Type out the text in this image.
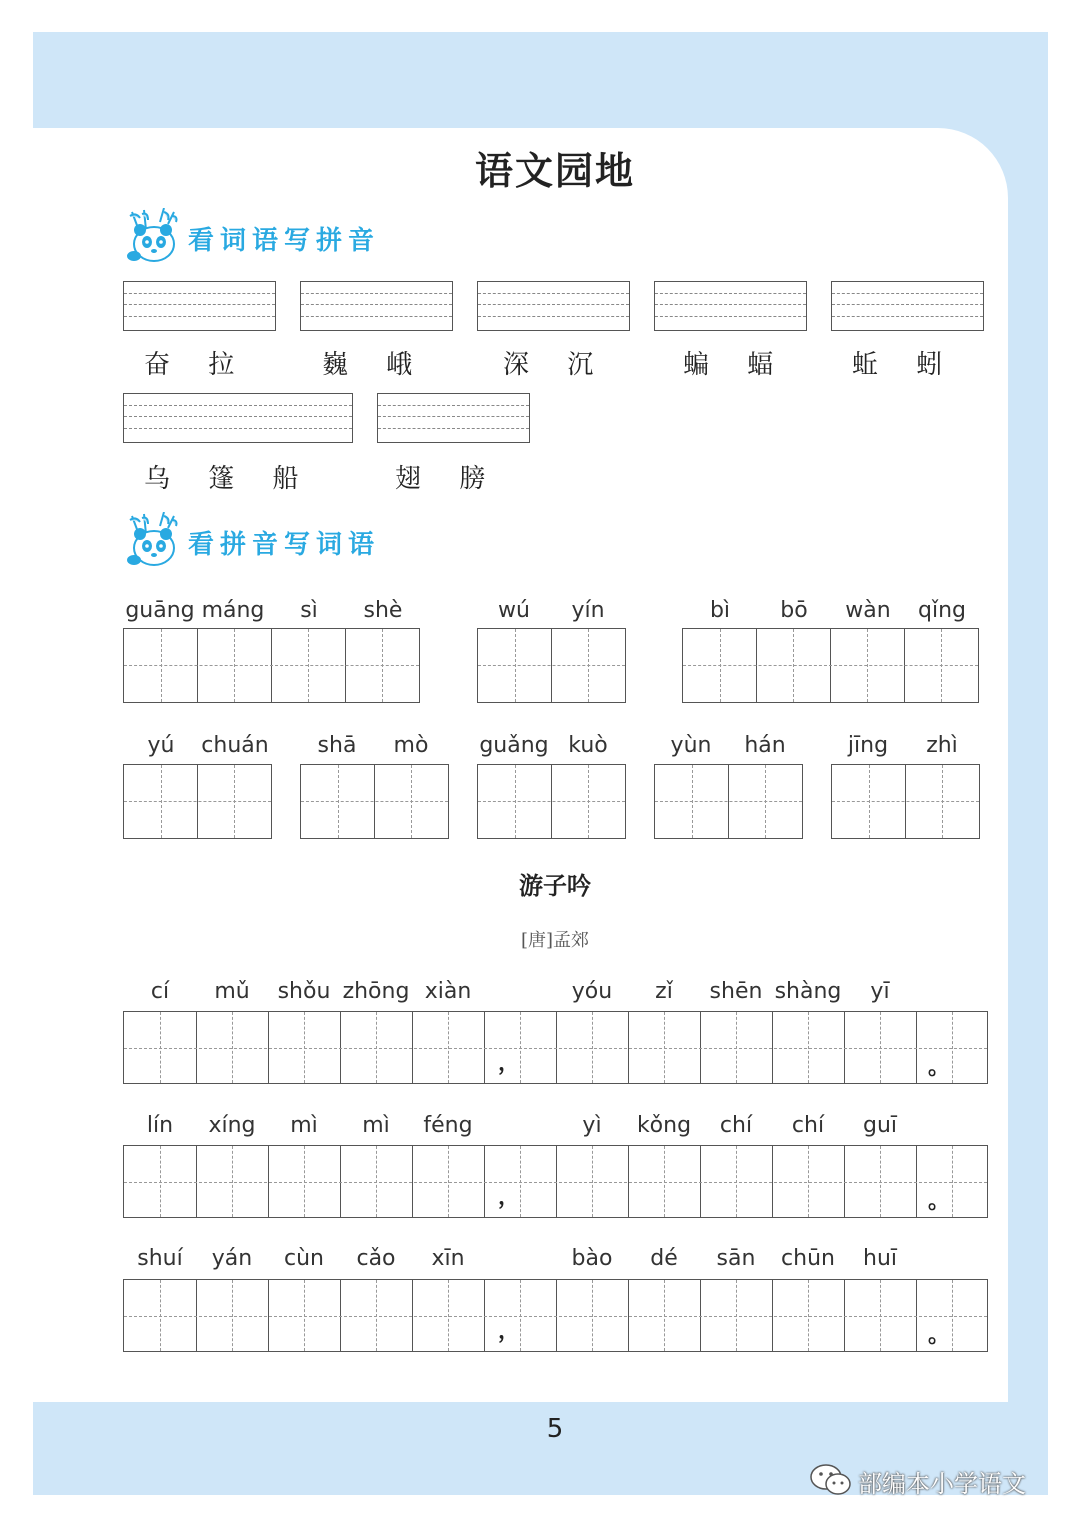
语文园地
看词语写拼音
奋 拉	巍 峨	深 沉	蝙 蝠	蚯 蚓
乌 篷 船	翅 膀
看拼音写词语
guāng máng	sì	shè	wú	yín	bì	bō	wàn	qǐng
yú	chuán	shā	mò	guǎng kuò	yùn	hán	jīng	zhì
游子吟
[唐]孟郊
cí	mǔ	shǒu zhōng xiàn	yóu	zǐ	shēn shàng	yī
，	。
lín	xíng	mì	mì	féng	yì	kǒng	chí	chí	guī
，	。
shuí	yán	cùn	cǎo	xīn	bào	dé	sān	chūn	huī
，	。
5
部编本小学语文
